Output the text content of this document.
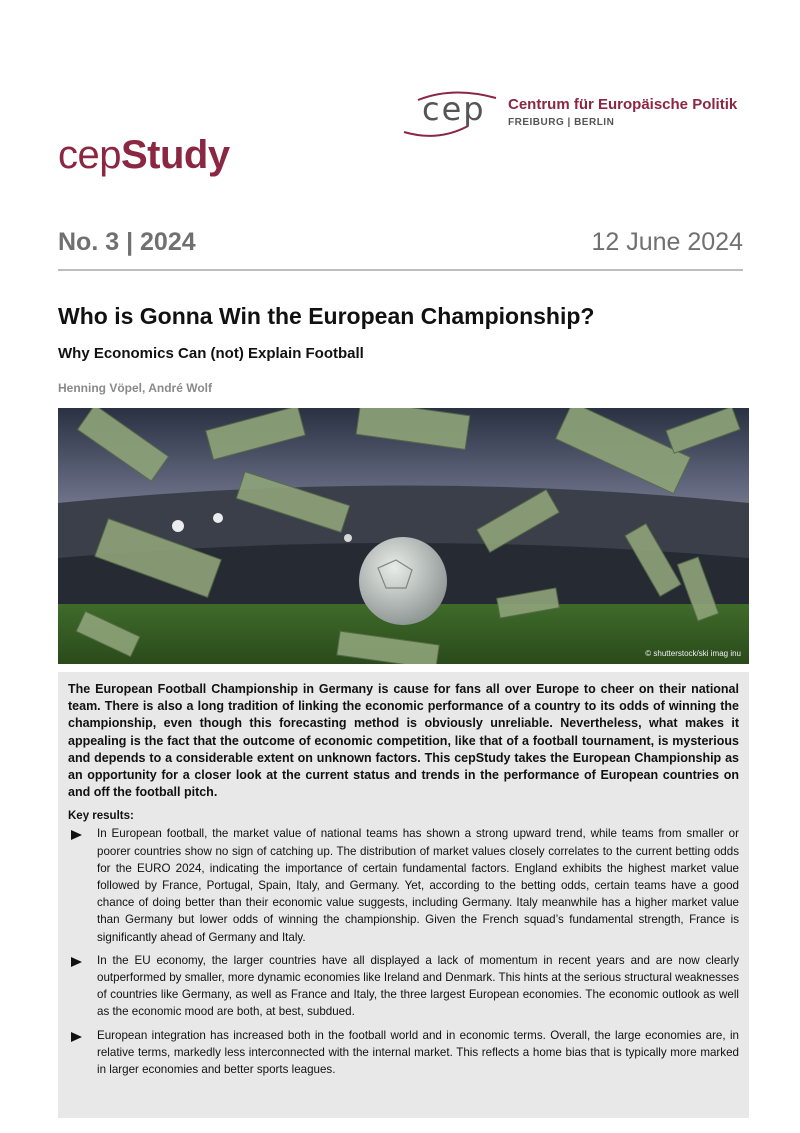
cep Centrum für Europäische Politik
FREIBURG | BERLIN
cepStudy
No. 3 | 2024	12 June 2024
Who is Gonna Win the European Championship?
Why Economics Can (not) Explain Football
Henning Vöpel, André Wolf
© shutterstock/ski imag inu

The European Football Championship in Germany is cause for fans all over Europe to cheer on their national team. There is also a long tradition of linking the economic performance of a country to its odds of winning the championship, even though this forecasting method is obviously unreliable. Nevertheless, what makes it appealing is the fact that the outcome of economic competition, like that of a football tournament, is mysterious and depends to a considerable extent on unknown factors. This cepStudy takes the European Championship as an opportunity for a closer look at the current status and trends in the performance of European countries on and off the football pitch.

Key results:
In European football, the market value of national teams has shown a strong upward trend, while teams from smaller or poorer countries show no sign of catching up. The distribution of market values closely correlates to the current betting odds for the EURO 2024, indicating the importance of certain fundamental factors. England exhibits the highest market value followed by France, Portugal, Spain, Italy, and Germany. Yet, according to the betting odds, certain teams have a good chance of doing better than their economic value suggests, including Germany. Italy meanwhile has a higher market value than Germany but lower odds of winning the championship. Given the French squad’s fundamental strength, France is significantly ahead of Germany and Italy.
In the EU economy, the larger countries have all displayed a lack of momentum in recent years and are now clearly outperformed by smaller, more dynamic economies like Ireland and Denmark. This hints at the serious structural weaknesses of countries like Germany, as well as France and Italy, the three largest European economies. The economic outlook as well as the economic mood are both, at best, subdued.
European integration has increased both in the football world and in economic terms. Overall, the large economies are, in relative terms, markedly less interconnected with the internal market. This reflects a home bias that is typically more marked in larger economies and better sports leagues.
